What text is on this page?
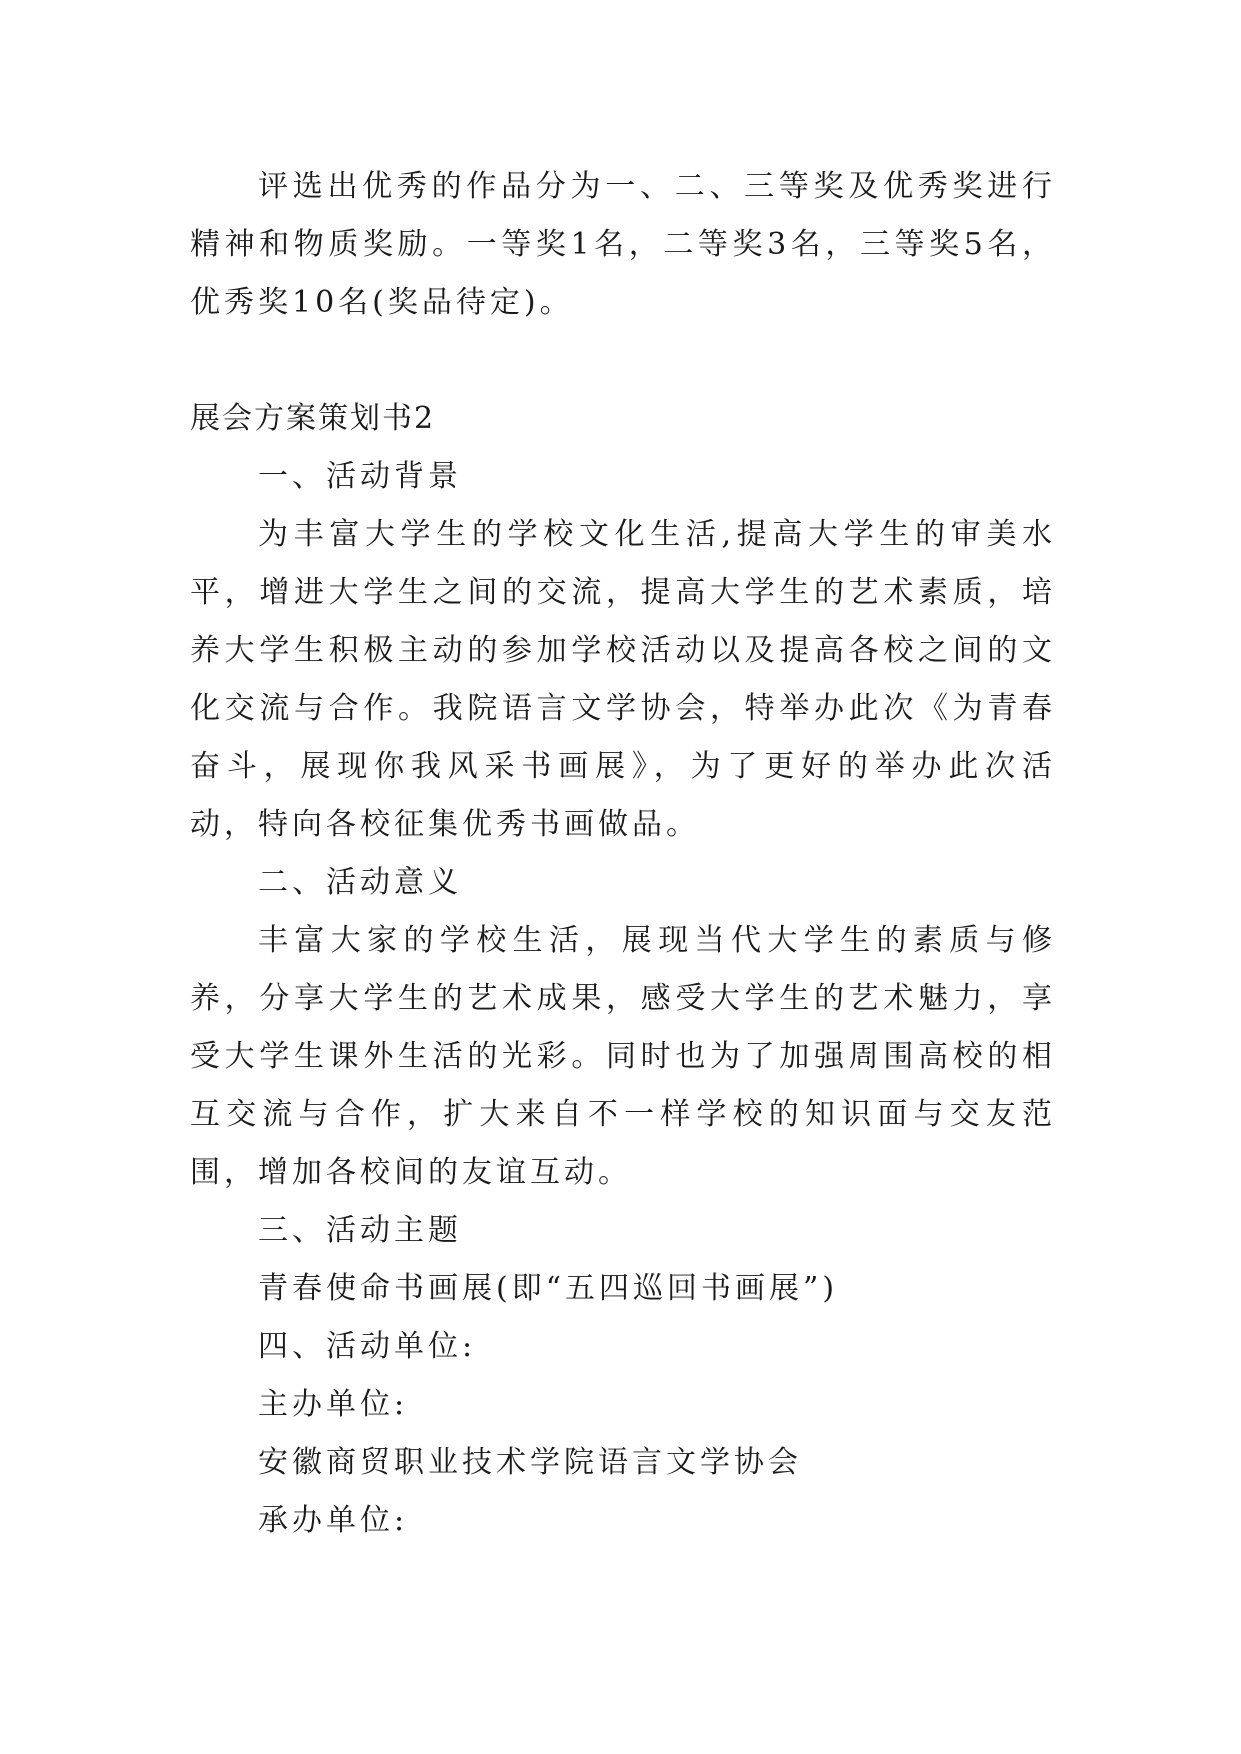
评选出优秀的作品分为一、二、三等奖及优秀奖进行精神和物质奖励。一等奖1名，二等奖3名，三等奖5名，优秀奖10名(奖品待定)。

展会方案策划书2

一、活动背景

为丰富大学生的学校文化生活,提高大学生的审美水平，增进大学生之间的交流，提高大学生的艺术素质，培养大学生积极主动的参加学校活动以及提高各校之间的文化交流与合作。我院语言文学协会，特举办此次《为青春奋斗，展现你我风采书画展》，为了更好的举办此次活动，特向各校征集优秀书画做品。

二、活动意义

丰富大家的学校生活，展现当代大学生的素质与修养，分享大学生的艺术成果，感受大学生的艺术魅力，享受大学生课外生活的光彩。同时也为了加强周围高校的相互交流与合作，扩大来自不一样学校的知识面与交友范围，增加各校间的友谊互动。

三、活动主题

青春使命书画展(即“五四巡回书画展”)

四、活动单位:

主办单位:

安徽商贸职业技术学院语言文学协会

承办单位:
